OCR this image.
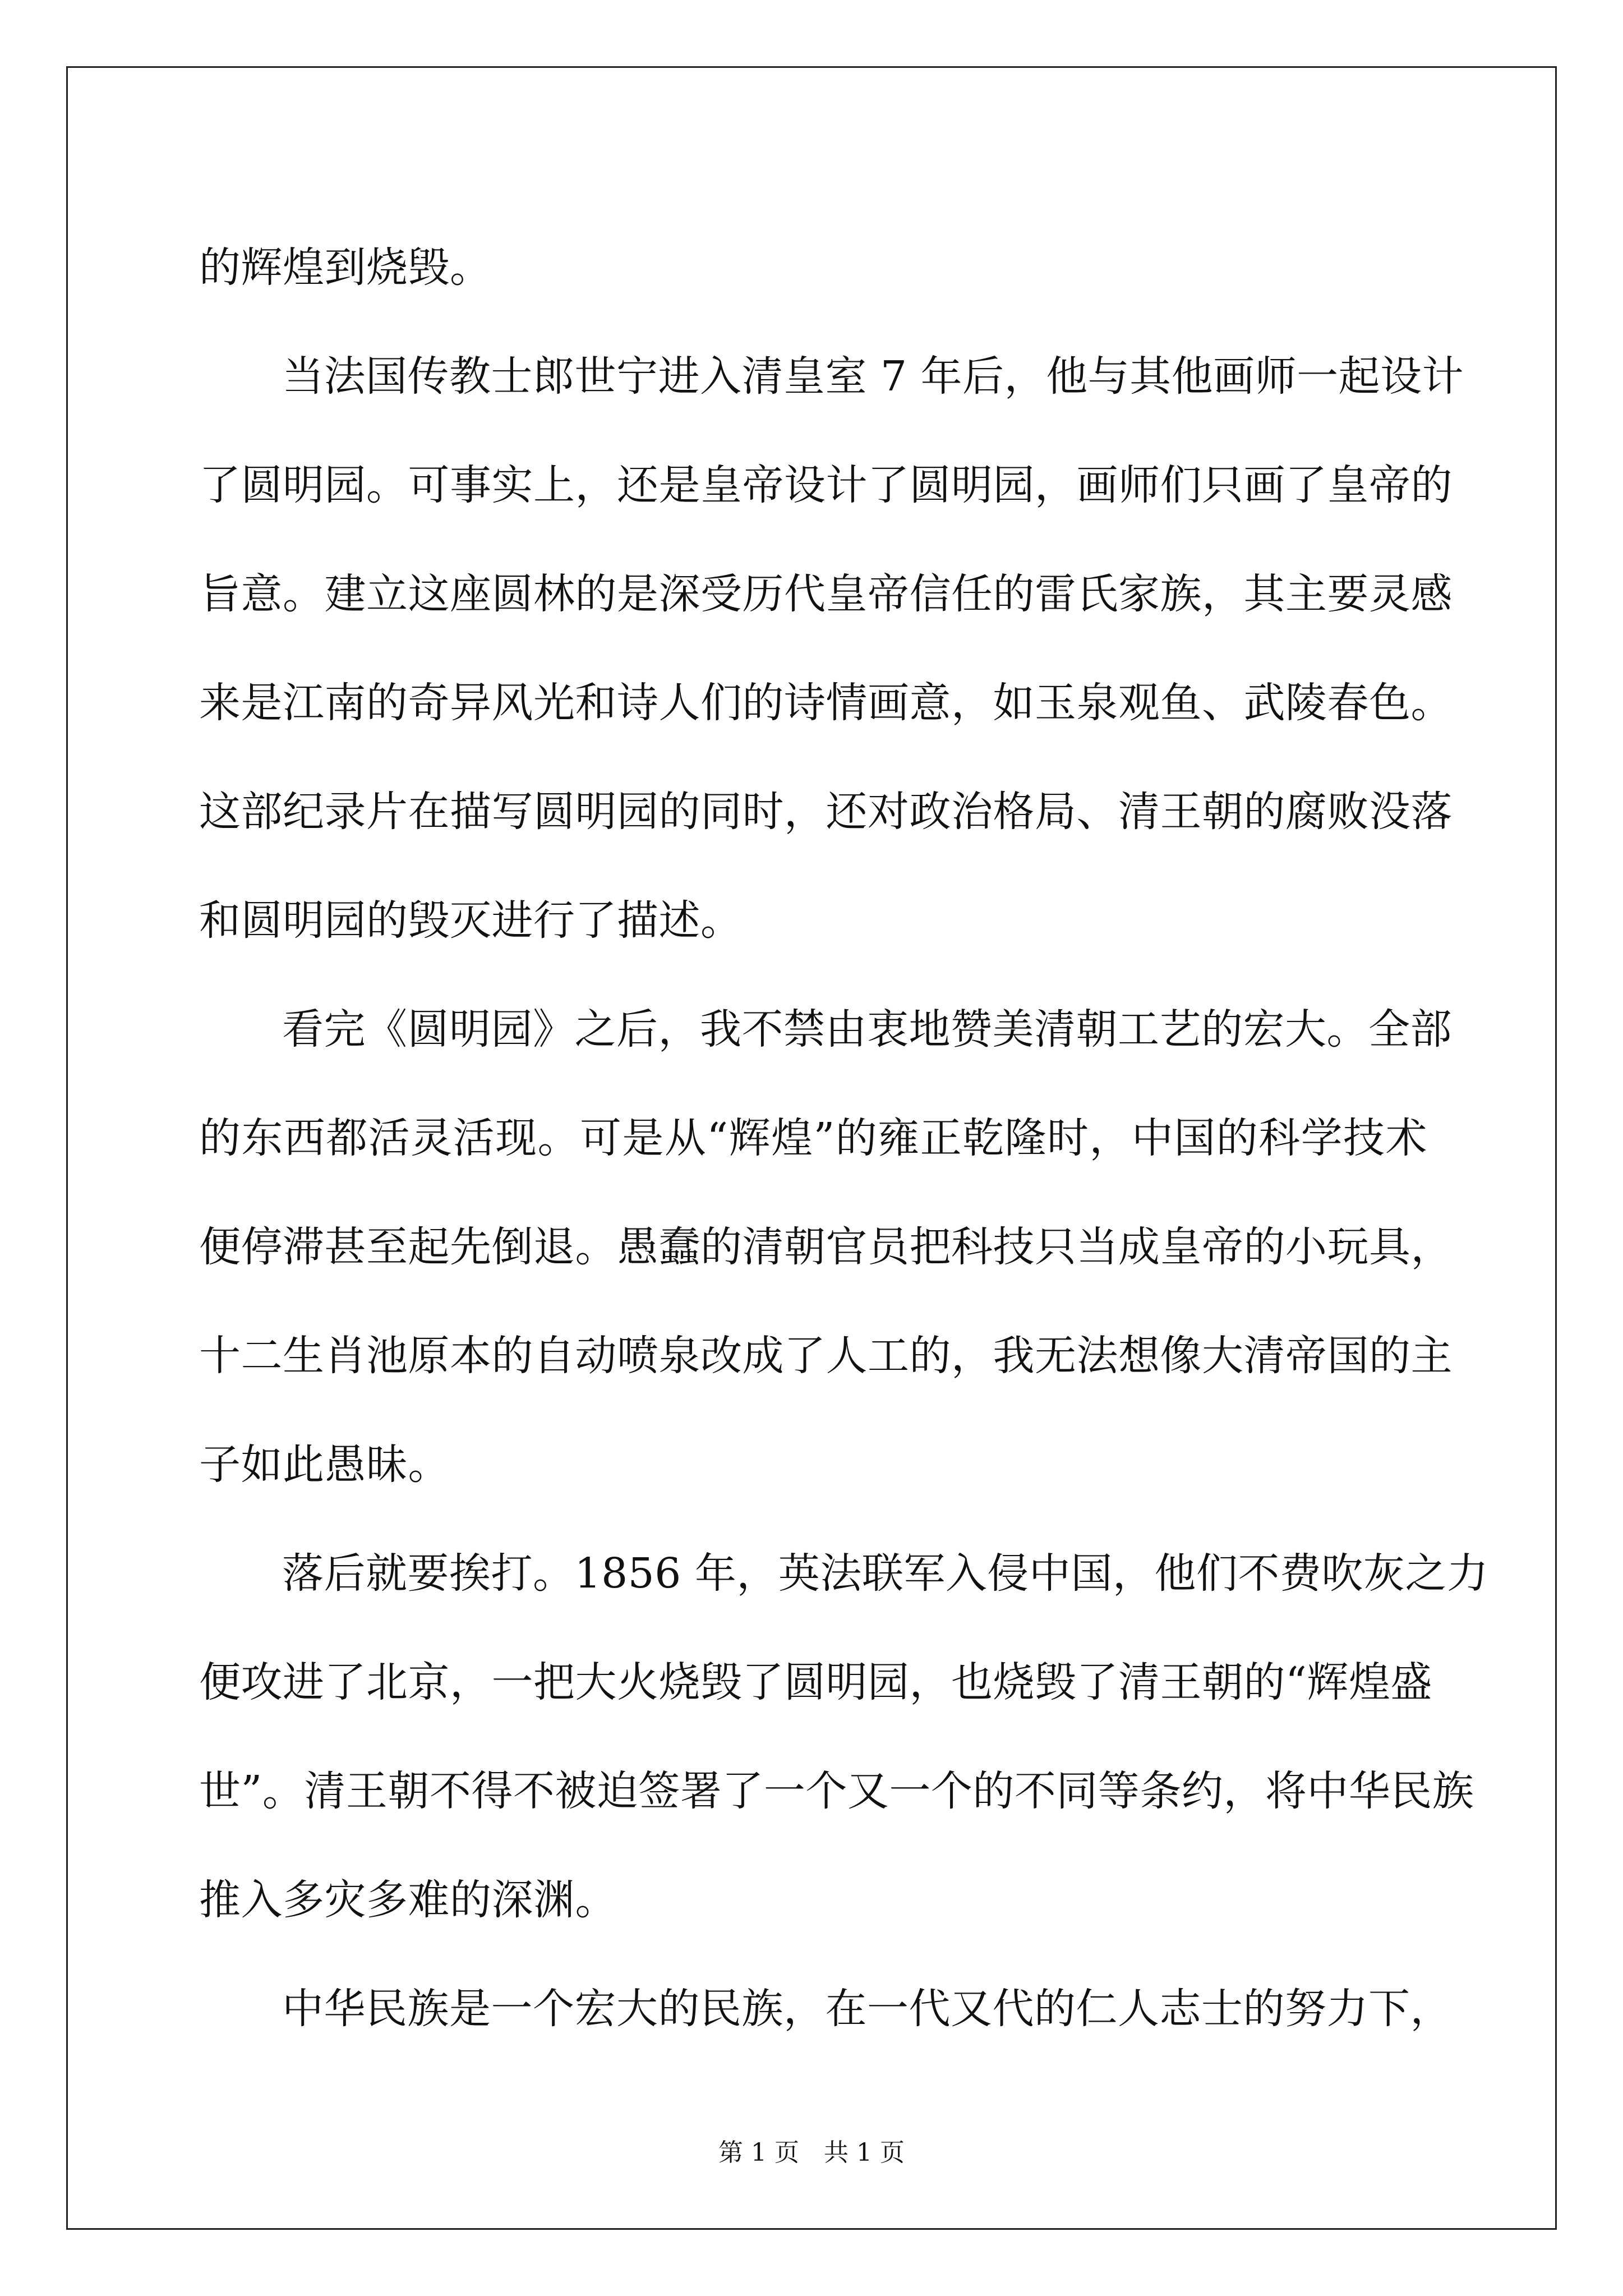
的辉煌到烧毁。
当法国传教士郎世宁进入清皇室 7 年后，他与其他画师一起设计
了圆明园。可事实上，还是皇帝设计了圆明园，画师们只画了皇帝的
旨意。建立这座圆林的是深受历代皇帝信任的雷氏家族，其主要灵感
来是江南的奇异风光和诗人们的诗情画意，如玉泉观鱼、武陵春色。
这部纪录片在描写圆明园的同时，还对政治格局、清王朝的腐败没落
和圆明园的毁灭进行了描述。
看完《圆明园》之后，我不禁由衷地赞美清朝工艺的宏大。全部
的东西都活灵活现。可是从“辉煌”的雍正乾隆时，中国的科学技术
便停滞甚至起先倒退。愚蠢的清朝官员把科技只当成皇帝的小玩具，
十二生肖池原本的自动喷泉改成了人工的，我无法想像大清帝国的主
子如此愚昧。
落后就要挨打。1856 年，英法联军入侵中国，他们不费吹灰之力
便攻进了北京，一把大火烧毁了圆明园，也烧毁了清王朝的“辉煌盛
世”。清王朝不得不被迫签署了一个又一个的不同等条约，将中华民族
推入多灾多难的深渊。
中华民族是一个宏大的民族，在一代又代的仁人志士的努力下，
第 1 页　共 1 页
